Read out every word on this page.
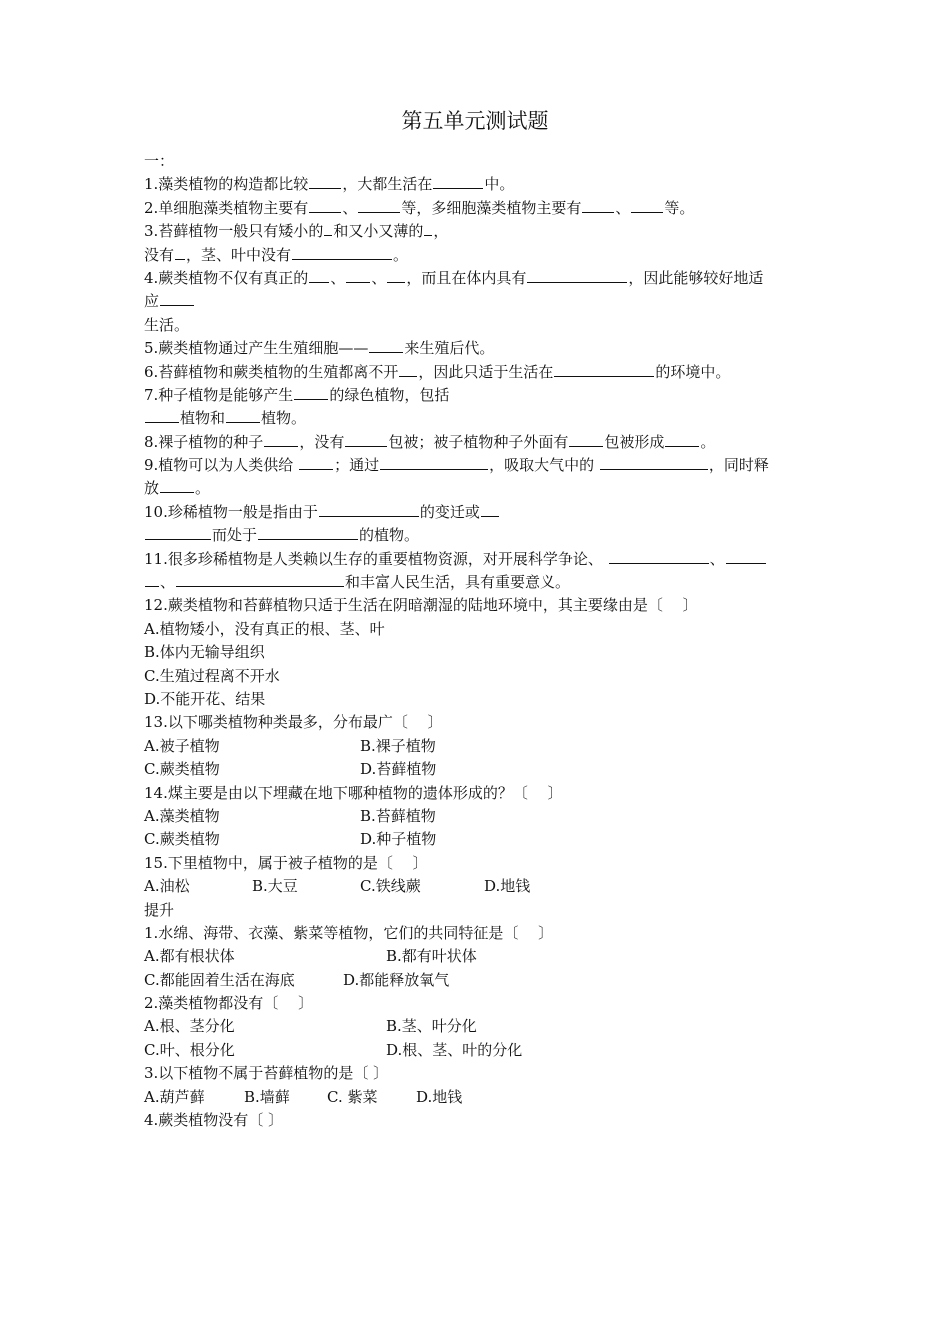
第五单元测试题
一：
1.藻类植物的构造都比较 ，大都生活在	中。
2.单细胞藻类植物主要有 、	等，多细胞藻类植物主要有 、 等。
3.苔藓植物一般只有矮小的 和又小又薄的 ，
没有 ，茎、叶中没有	。
4.蕨类植物不仅有真正的 、 、 ，而且在体内具有	，因此能够较好地适
应
生活。
5.蕨类植物通过产生生殖细胞—— 来生殖后代。
6.苔藓植物和蕨类植物的生殖都离不开 ，因此只适于生活在	的环境中。
7.种子植物是能够产生 的绿色植物，包括
植物和 植物。
8.裸子植物的种子 ，没有	包被；被子植物种子外面有 包被形成 。
9.植物可以为人类供给 ；通过	，吸取大气中的	，同时释
放 。
10.珍稀植物一般是指由于	的变迁或
而处于	的植物。
11.很多珍稀植物是人类赖以生存的重要植物资源，对开展科学争论、	、
、	和丰富人民生活，具有重要意义。
12.蕨类植物和苔藓植物只适于生活在阴暗潮湿的陆地环境中，其主要缘由是〔　 〕
A.植物矮小，没有真正的根、茎、叶
B.体内无输导组织
C.生殖过程离不开水
D.不能开花、结果
13.以下哪类植物种类最多，分布最广〔　 〕
A.被子植物	B.裸子植物
C.蕨类植物	D.苔藓植物
14.煤主要是由以下埋藏在地下哪种植物的遗体形成的？〔　 〕
A.藻类植物	B.苔藓植物
C.蕨类植物	D.种子植物
15.下里植物中，属于被子植物的是〔　 〕
A.油松	B.大豆	C.铁线蕨	D.地钱
提升
1.水绵、海带、衣藻、紫菜等植物，它们的共同特征是〔　 〕
A.都有根状体	B.都有叶状体
C.都能固着生活在海底	D.都能释放氧气
2.藻类植物都没有〔　 〕
A.根、茎分化	B.茎、叶分化
C.叶、根分化	D.根、茎、叶的分化
3.以下植物不属于苔藓植物的是〔 〕
A.葫芦藓	B.墙藓 C. 紫菜	D.地钱
4.蕨类植物没有〔 〕
